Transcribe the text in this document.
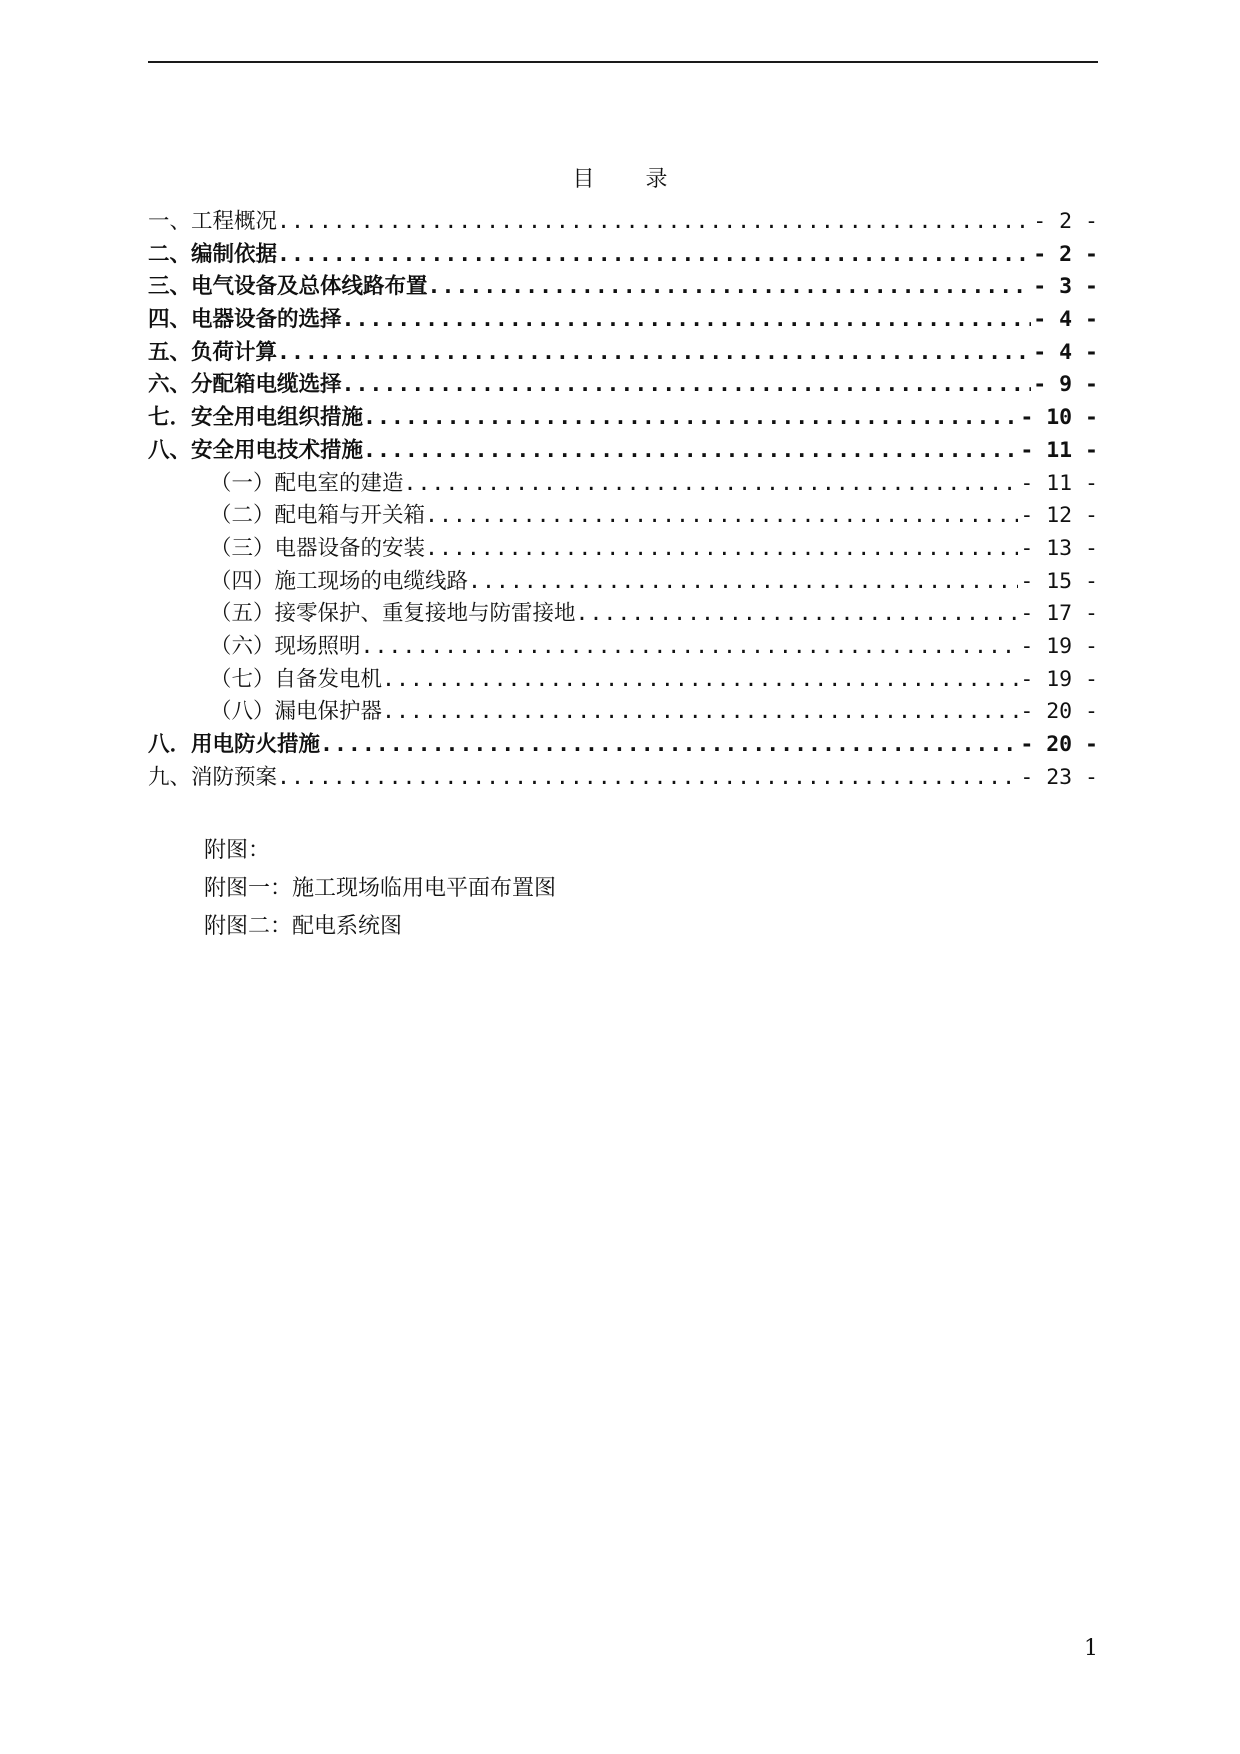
目 录
一、工程概况 .....	- 2 -
二、编制依据 .....	- 2 -
三、电气设备及总体线路布置 .....	- 3 -
四、电器设备的选择 .....	- 4 -
五、负荷计算 .....	- 4 -
六、分配箱电缆选择 .....	- 9 -
七．安全用电组织措施 .....	- 10 -
八、安全用电技术措施 .....	- 11 -
（一）配电室的建造 .....	- 11 -
（二）配电箱与开关箱 .....	- 12 -
（三）电器设备的安装 .....	- 13 -
（四）施工现场的电缆线路 .....	- 15 -
（五）接零保护、重复接地与防雷接地 .....	- 17 -
（六）现场照明 .....	- 19 -
（七）自备发电机 .....	- 19 -
（八）漏电保护器 .....	- 20 -
八．用电防火措施 .....	- 20 -
九、消防预案 .....	- 23 -
附图：
附图一：施工现场临用电平面布置图
附图二：配电系统图
1
